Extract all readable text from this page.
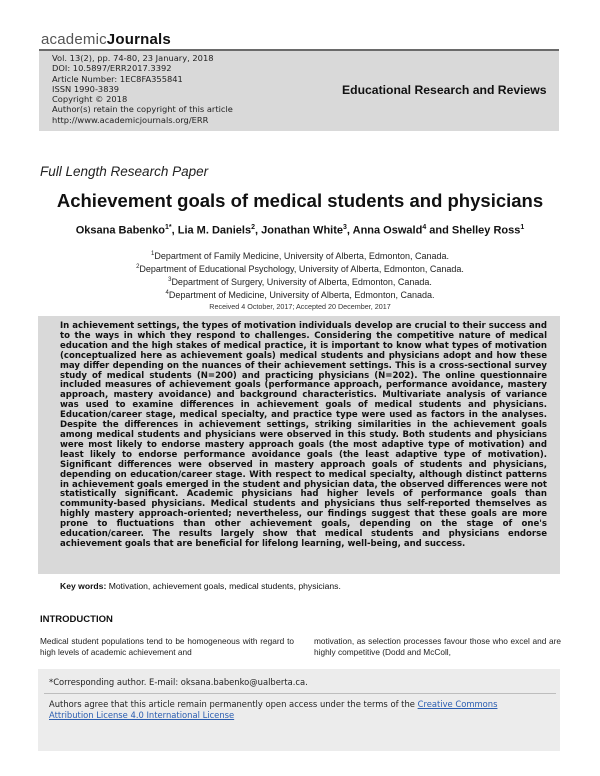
academicJournals
Vol. 13(2), pp. 74-80, 23 January, 2018
DOI: 10.5897/ERR2017.3392
Article Number: 1EC8FA355841
ISSN 1990-3839
Copyright © 2018
Author(s) retain the copyright of this article
http://www.academicjournals.org/ERR
Educational Research and Reviews
Full Length Research Paper
Achievement goals of medical students and physicians
Oksana Babenko$^{1*}$, Lia M. Daniels$^2$, Jonathan White$^3$, Anna Oswald$^4$ and Shelley Ross$^1$
$^1$Department of Family Medicine, University of Alberta, Edmonton, Canada.
$^2$Department of Educational Psychology, University of Alberta, Edmonton, Canada.
$^3$Department of Surgery, University of Alberta, Edmonton, Canada.
$^4$Department of Medicine, University of Alberta, Edmonton, Canada.
Received 4 October, 2017; Accepted 20 December, 2017
In achievement settings, the types of motivation individuals develop are crucial to their success and to the ways in which they respond to challenges. Considering the competitive nature of medical education and the high stakes of medical practice, it is important to know what types of motivation (conceptualized here as achievement goals) medical students and physicians adopt and how these may differ depending on the nuances of their achievement settings. This is a cross-sectional survey study of medical students (N=200) and practicing physicians (N=202). The online questionnaire included measures of achievement goals (performance approach, performance avoidance, mastery approach, mastery avoidance) and background characteristics. Multivariate analysis of variance was used to examine differences in achievement goals of medical students and physicians. Education/career stage, medical specialty, and practice type were used as factors in the analyses. Despite the differences in achievement settings, striking similarities in the achievement goals among medical students and physicians were observed in this study. Both students and physicians were most likely to endorse mastery approach goals (the most adaptive type of motivation) and least likely to endorse performance avoidance goals (the least adaptive type of motivation). Significant differences were observed in mastery approach goals of students and physicians, depending on education/career stage. With respect to medical specialty, although distinct patterns in achievement goals emerged in the student and physician data, the observed differences were not statistically significant. Academic physicians had higher levels of performance goals than community-based physicians. Medical students and physicians thus self-reported themselves as highly mastery approach-oriented; nevertheless, our findings suggest that these goals are more prone to fluctuations than other achievement goals, depending on the stage of one's education/career. The results largely show that medical students and physicians endorse achievement goals that are beneficial for lifelong learning, well-being, and success.
Key words: Motivation, achievement goals, medical students, physicians.
INTRODUCTION
Medical student populations tend to be homogeneous with regard to high levels of academic achievement and
motivation, as selection processes favour those who excel and are highly competitive (Dodd and McColl,
*Corresponding author. E-mail: oksana.babenko@ualberta.ca.
Authors agree that this article remain permanently open access under the terms of the Creative Commons Attribution License 4.0 International License
